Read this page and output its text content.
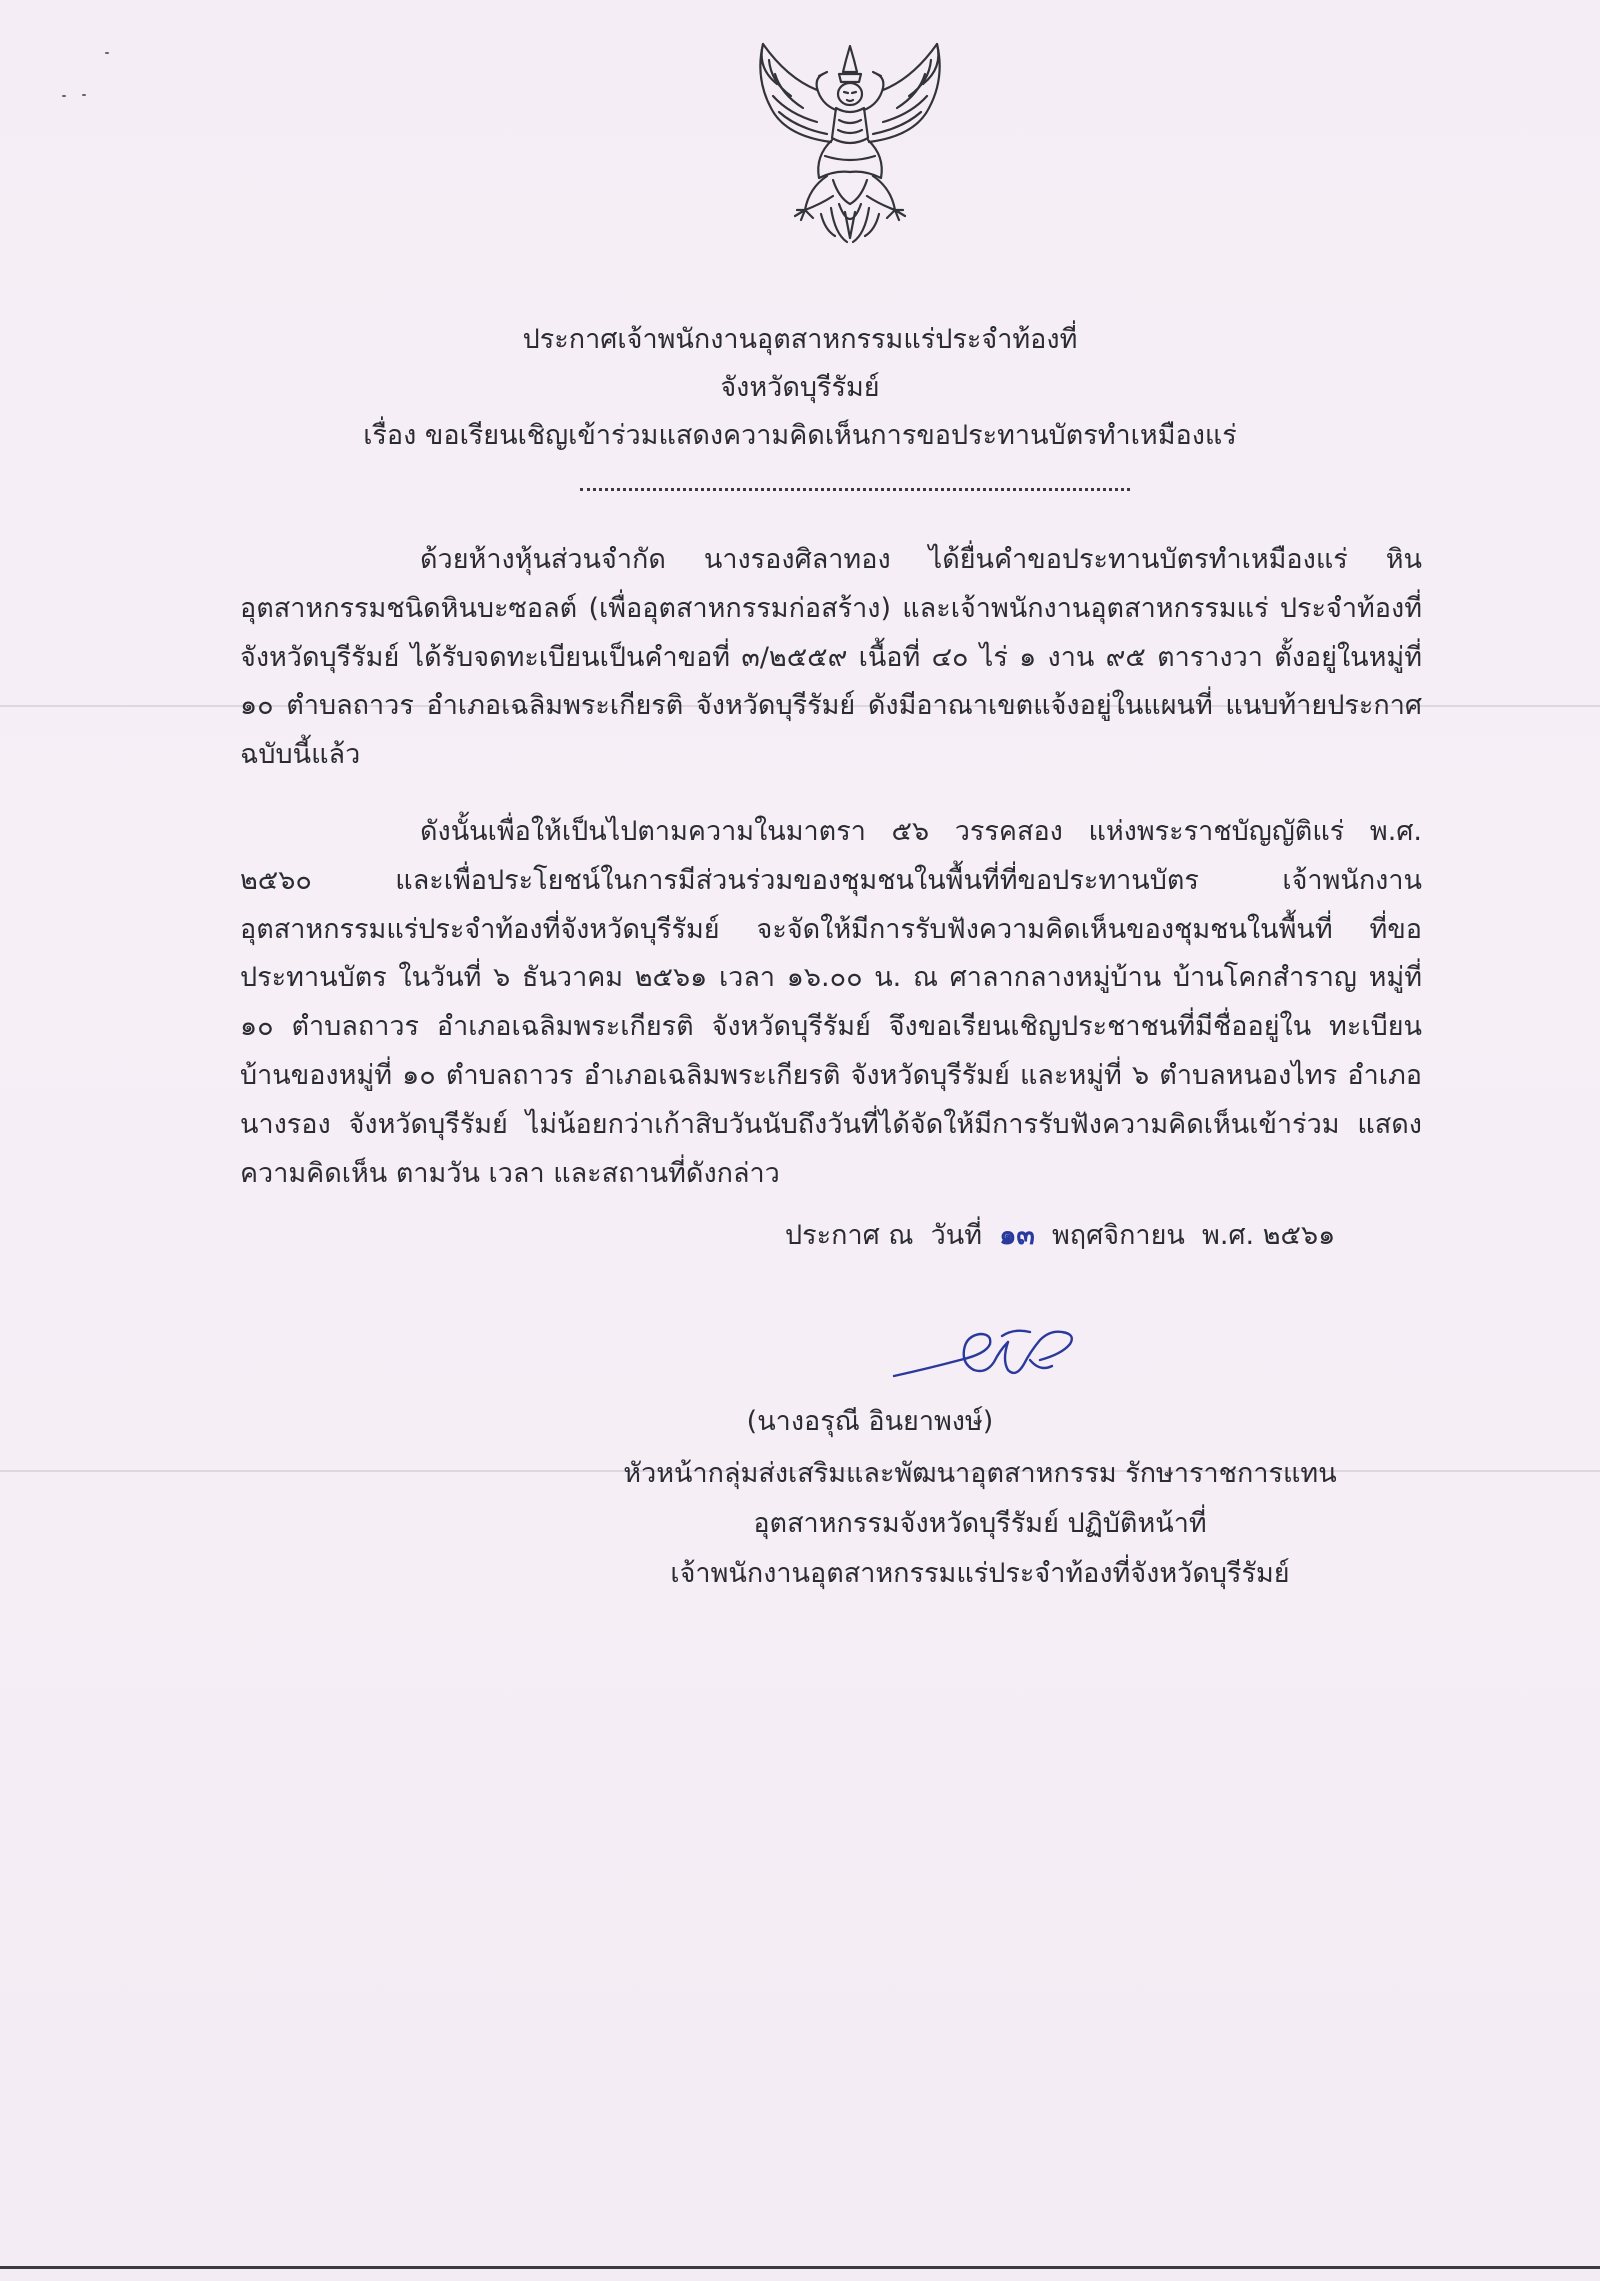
ประกาศเจ้าพนักงานอุตสาหกรรมแร่ประจำท้องที่
จังหวัดบุรีรัมย์
เรื่อง ขอเรียนเชิญเข้าร่วมแสดงความคิดเห็นการขอประทานบัตรทำเหมืองแร่
ด้วยห้างหุ้นส่วนจำกัด นางรองศิลาทอง ได้ยื่นคำขอประทานบัตรทำเหมืองแร่ หินอุตสาหกรรมชนิดหินบะซอลต์ (เพื่ออุตสาหกรรมก่อสร้าง) และเจ้าพนักงานอุตสาหกรรมแร่ ประจำท้องที่จังหวัดบุรีรัมย์ ได้รับจดทะเบียนเป็นคำขอที่ ๓/๒๕๕๙ เนื้อที่ ๔๐ ไร่ ๑ งาน ๙๕ ตารางวา ตั้งอยู่ในหมู่ที่ ๑๐ ตำบลถาวร อำเภอเฉลิมพระเกียรติ จังหวัดบุรีรัมย์ ดังมีอาณาเขตแจ้งอยู่ในแผนที่ แนบท้ายประกาศฉบับนี้แล้ว
ดังนั้นเพื่อให้เป็นไปตามความในมาตรา ๕๖ วรรคสอง แห่งพระราชบัญญัติแร่ พ.ศ. ๒๕๖๐ และเพื่อประโยชน์ในการมีส่วนร่วมของชุมชนในพื้นที่ที่ขอประทานบัตร เจ้าพนักงาน อุตสาหกรรมแร่ประจำท้องที่จังหวัดบุรีรัมย์ จะจัดให้มีการรับฟังความคิดเห็นของชุมชนในพื้นที่ ที่ขอประทานบัตร ในวันที่ ๖ ธันวาคม ๒๕๖๑ เวลา ๑๖.๐๐ น. ณ ศาลากลางหมู่บ้าน บ้านโคกสำราญ หมู่ที่ ๑๐ ตำบลถาวร อำเภอเฉลิมพระเกียรติ จังหวัดบุรีรัมย์ จึงขอเรียนเชิญประชาชนที่มีชื่ออยู่ใน ทะเบียนบ้านของหมู่ที่ ๑๐ ตำบลถาวร อำเภอเฉลิมพระเกียรติ จังหวัดบุรีรัมย์ และหมู่ที่ ๖ ตำบลหนองไทร อำเภอนางรอง จังหวัดบุรีรัมย์ ไม่น้อยกว่าเก้าสิบวันนับถึงวันที่ได้จัดให้มีการรับฟังความคิดเห็นเข้าร่วม แสดงความคิดเห็น ตามวัน เวลา และสถานที่ดังกล่าว
ประกาศ ณ  วันที่ ๑๓ พฤศจิกายน  พ.ศ. ๒๕๖๑
(นางอรุณี อินยาพงษ์)
หัวหน้ากลุ่มส่งเสริมและพัฒนาอุตสาหกรรม รักษาราชการแทน
อุตสาหกรรมจังหวัดบุรีรัมย์ ปฏิบัติหน้าที่
เจ้าพนักงานอุตสาหกรรมแร่ประจำท้องที่จังหวัดบุรีรัมย์
